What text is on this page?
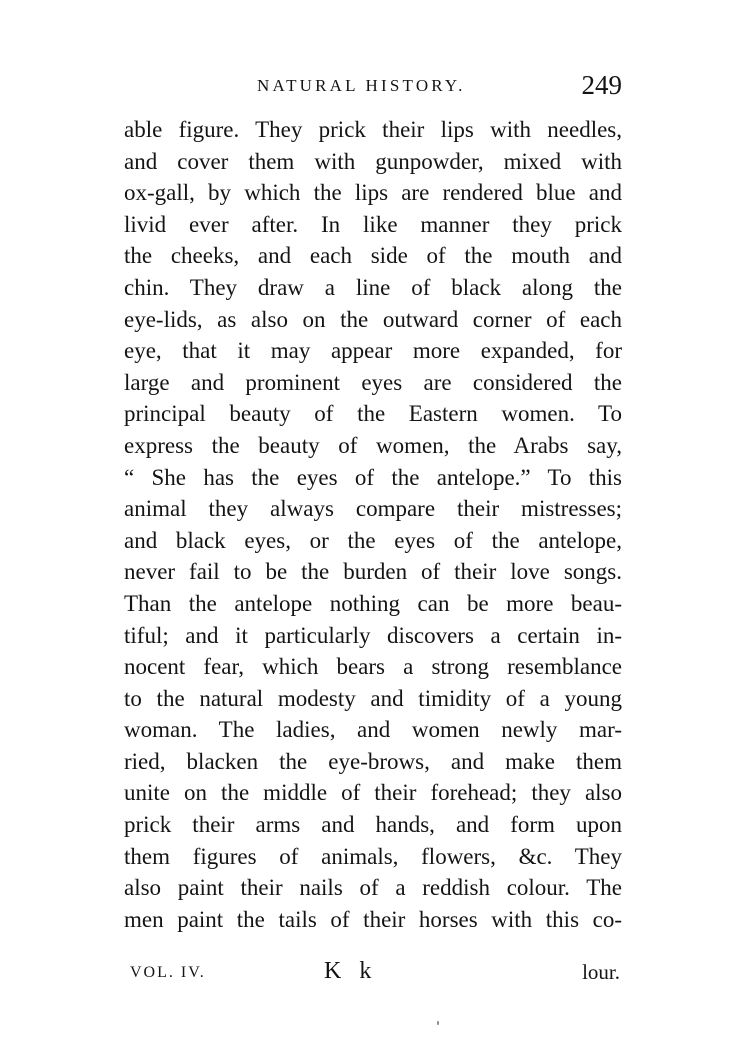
NATURAL HISTORY.	249
able figure. They prick their lips with needles,
and cover them with gunpowder, mixed with
ox-gall, by which the lips are rendered blue and
livid ever after. In like manner they prick
the cheeks, and each side of the mouth and
chin. They draw a line of black along the
eye-lids, as also on the outward corner of each
eye, that it may appear more expanded, for
large and prominent eyes are considered the
principal beauty of the Eastern women. To
express the beauty of women, the Arabs say,
“ She has the eyes of the antelope.” To this
animal they always compare their mistresses;
and black eyes, or the eyes of the antelope,
never fail to be the burden of their love songs.
Than the antelope nothing can be more beau-
tiful; and it particularly discovers a certain in-
nocent fear, which bears a strong resemblance
to the natural modesty and timidity of a young
woman. The ladies, and women newly mar-
ried, blacken the eye-brows, and make them
unite on the middle of their forehead; they also
prick their arms and hands, and form upon
them figures of animals, flowers, &c. They
also paint their nails of a reddish colour. The
men paint the tails of their horses with this co-
VOL. IV.	K k	lour.
